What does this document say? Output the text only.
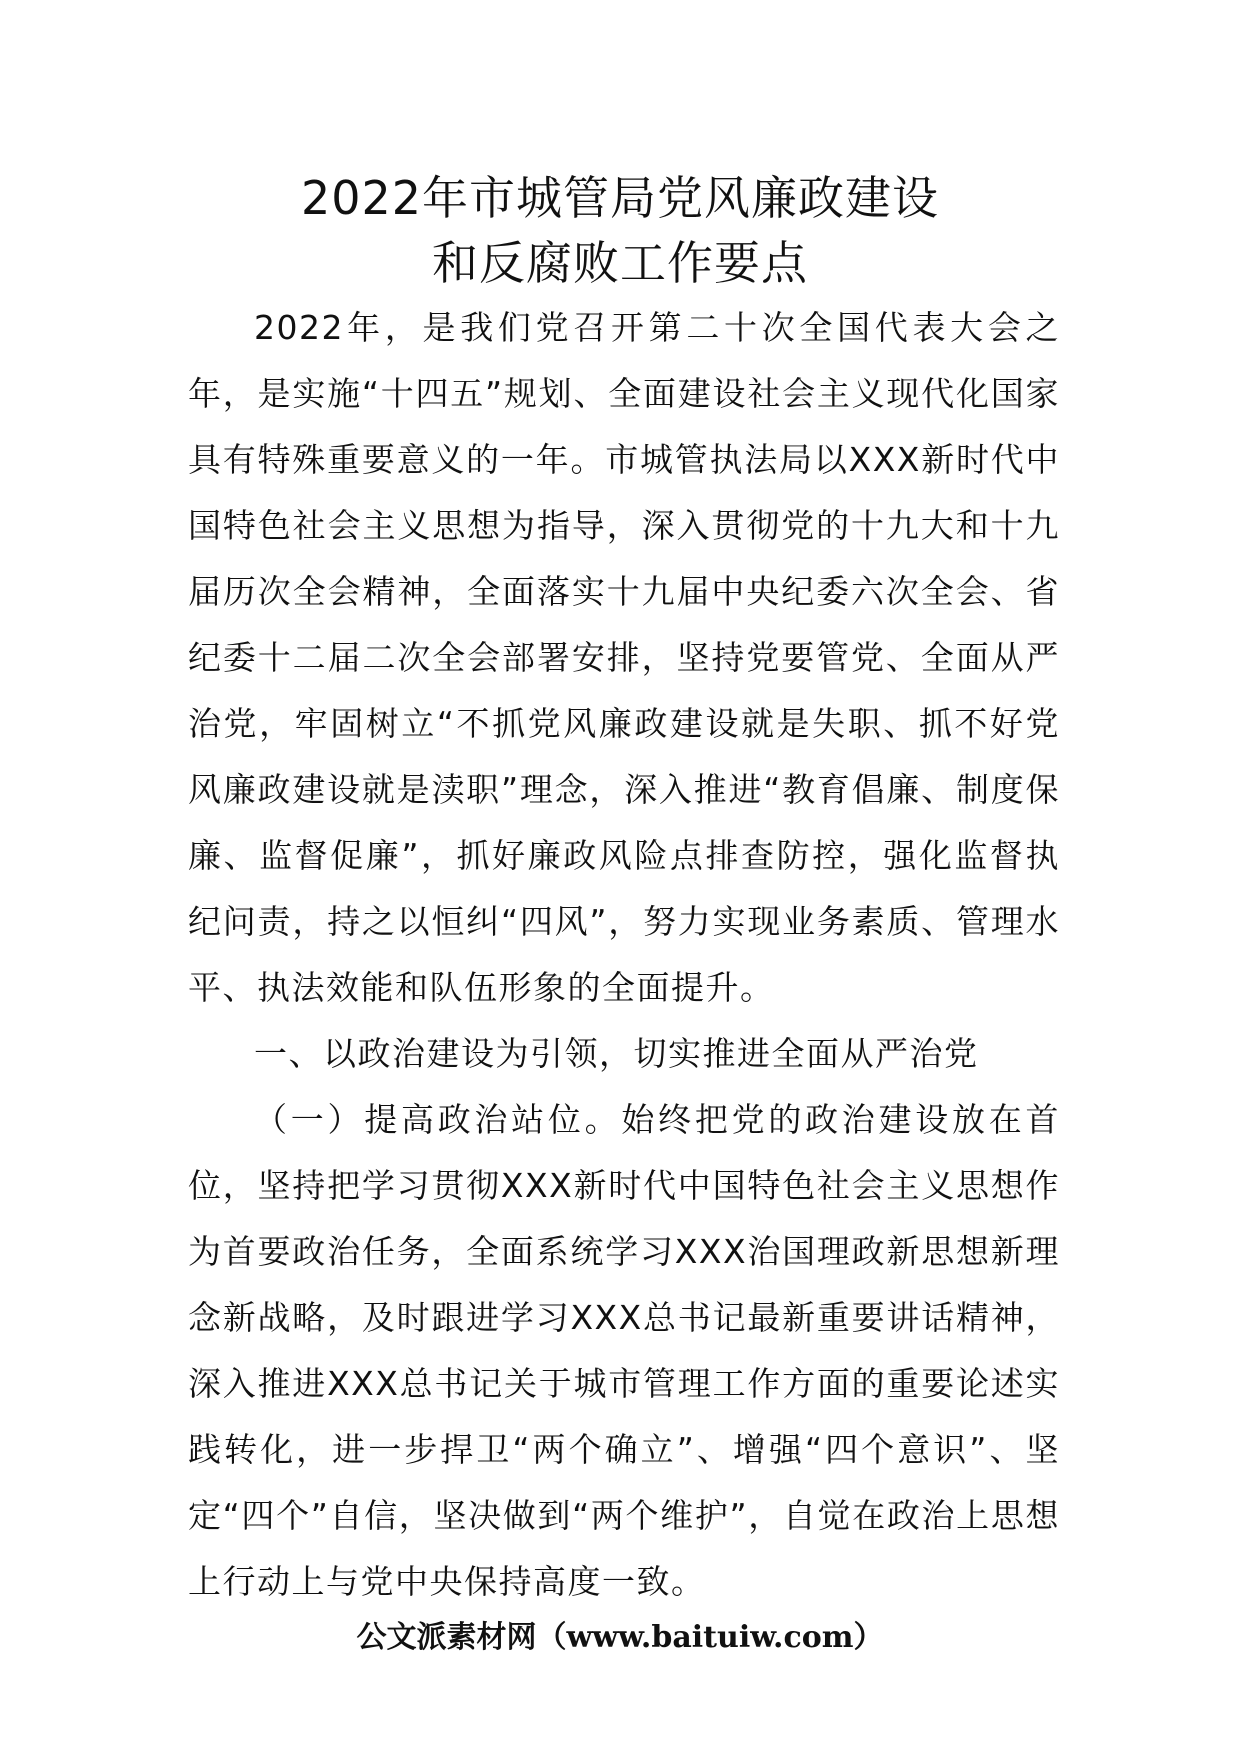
2022年市城管局党风廉政建设
和反腐败工作要点

2022年，是我们党召开第二十次全国代表大会之年，是实施“十四五”规划、全面建设社会主义现代化国家具有特殊重要意义的一年。市城管执法局以XXX新时代中国特色社会主义思想为指导，深入贯彻党的十九大和十九届历次全会精神，全面落实十九届中央纪委六次全会、省纪委十二届二次全会部署安排，坚持党要管党、全面从严治党，牢固树立“不抓党风廉政建设就是失职、抓不好党风廉政建设就是渎职”理念，深入推进“教育倡廉、制度保廉、监督促廉”，抓好廉政风险点排查防控，强化监督执纪问责，持之以恒纠“四风”，努力实现业务素质、管理水平、执法效能和队伍形象的全面提升。

一、以政治建设为引领，切实推进全面从严治党

（一）提高政治站位。始终把党的政治建设放在首位，坚持把学习贯彻XXX新时代中国特色社会主义思想作为首要政治任务，全面系统学习XXX治国理政新思想新理念新战略，及时跟进学习XXX总书记最新重要讲话精神，深入推进XXX总书记关于城市管理工作方面的重要论述实践转化，进一步捍卫“两个确立”、增强“四个意识”、坚定“四个”自信，坚决做到“两个维护”，自觉在政治上思想上行动上与党中央保持高度一致。

公文派素材网（www.baituiw.com）
